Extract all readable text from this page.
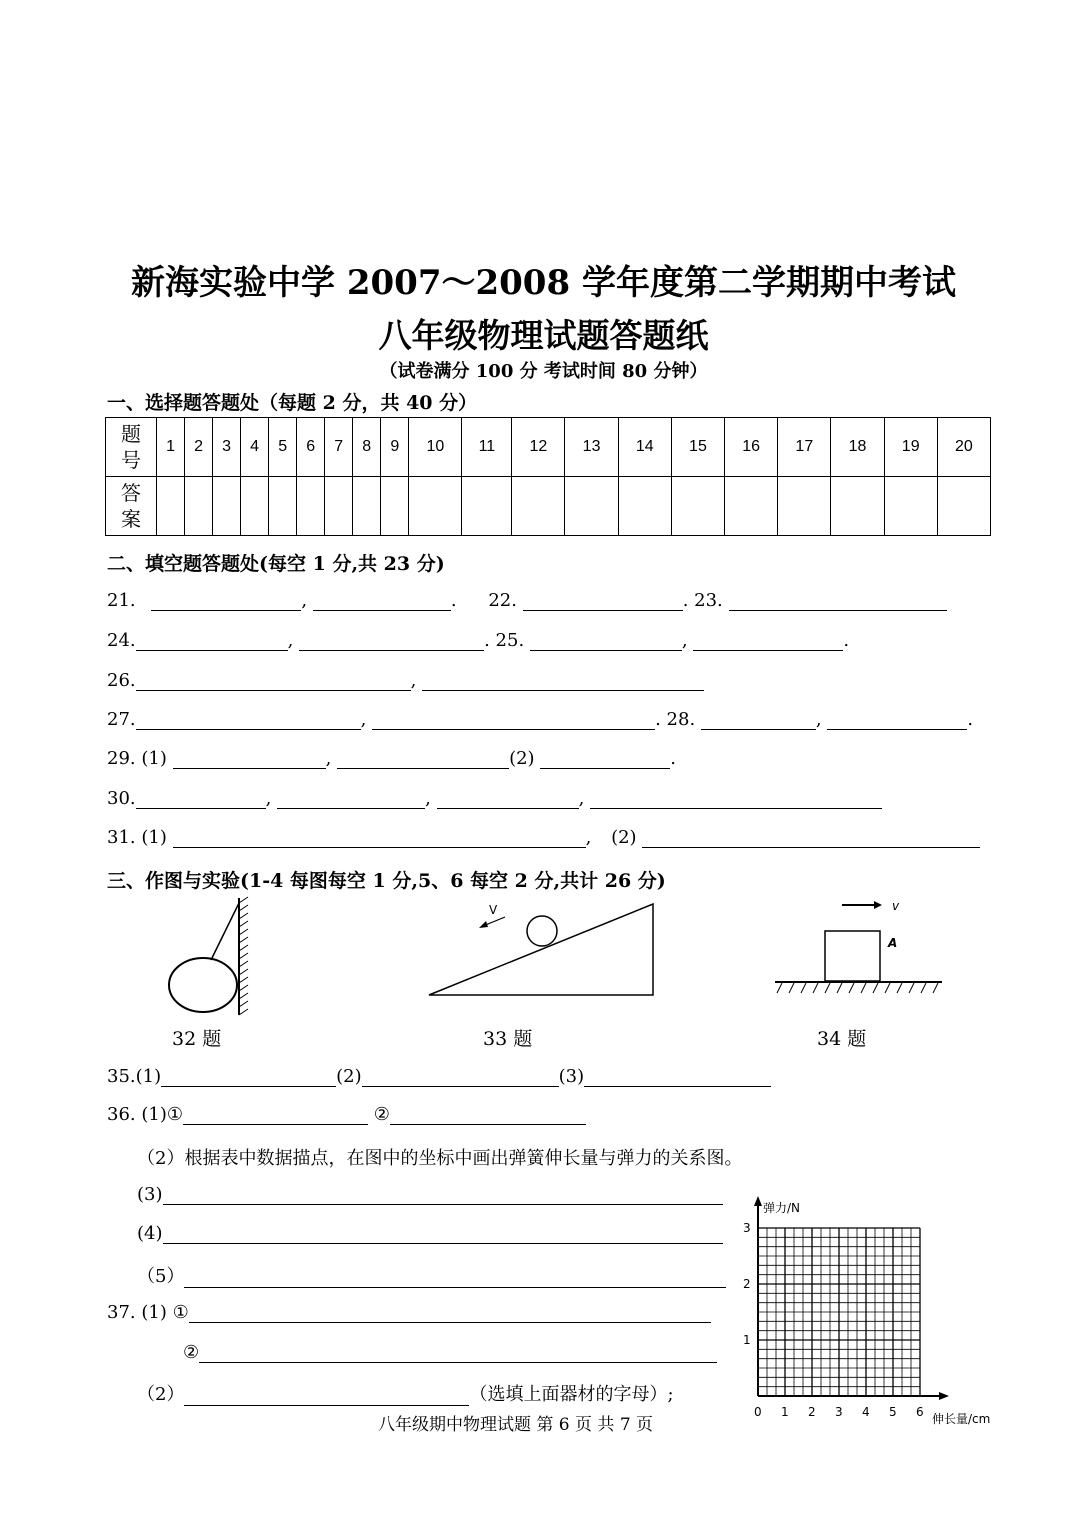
新海实验中学 2007～2008 学年度第二学期期中考试
八年级物理试题答题纸
（试卷满分 100 分 考试时间 80 分钟）
一、选择题答题处（每题 2 分，共 40 分）
题号	1	2	3	4	5	6	7	8	9	10	11	12	13	14	15	16	17	18	19	20
答案																				
二、填空题答题处(每空 1 分,共 23 分)
21.	,	. 22.	. 23.
24.	,	. 25.	,	.
26.	,
27.	,	. 28.	,	.
29. (1)	,	(2)	.
30.	,	,	,
31. (1)	, (2)
三、作图与实验(1-4 每图每空 1 分,5、6 每空 2 分,共计 26 分)
32 题
V
33 题
v
A
34 题
35.(1)	(2)	(3)
36. (1)①	②
（2）根据表中数据描点，在图中的坐标中画出弹簧伸长量与弹力的关系图。
(3)
(4)
（5）
37. (1) ①
②
（2）	（选填上面器材的字母）;
弹力/N
伸长量/cm
0 1 2 3 4 5 6
1
2
3
八年级期中物理试题 第 6 页 共 7 页
